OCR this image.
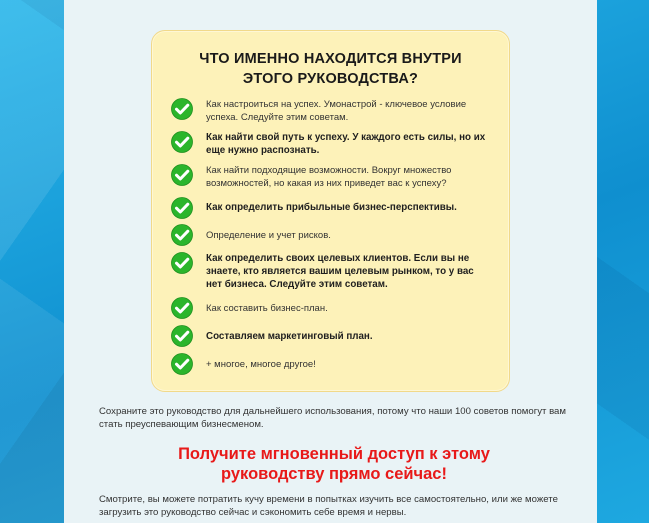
ЧТО ИМЕННО НАХОДИТСЯ ВНУТРИ
ЭТОГО РУКОВОДСТВА?
Как настроиться на успех. Умонастрой - ключевое условие успеха. Следуйте этим советам.
Как найти свой путь к успеху. У каждого есть силы, но их еще нужно распознать.
Как найти подходящие возможности. Вокруг множество возможностей, но какая из них приведет вас к успеху?
Как определить прибыльные бизнес-перспективы.
Определение и учет рисков.
Как определить своих целевых клиентов. Если вы не знаете, кто является вашим целевым рынком, то у вас нет бизнеса. Следуйте этим советам.
Как составить бизнес-план.
Составляем маркетинговый план.
+ многое, многое другое!
Сохраните это руководство для дальнейшего использования, потому что наши 100 советов помогут вам стать преуспевающим бизнесменом.
Получите мгновенный доступ к этому
руководству прямо сейчас!
Смотрите, вы можете потратить кучу времени в попытках изучить все самостоятельно, или же можете загрузить это руководство сейчас и сэкономить себе время и нервы.
